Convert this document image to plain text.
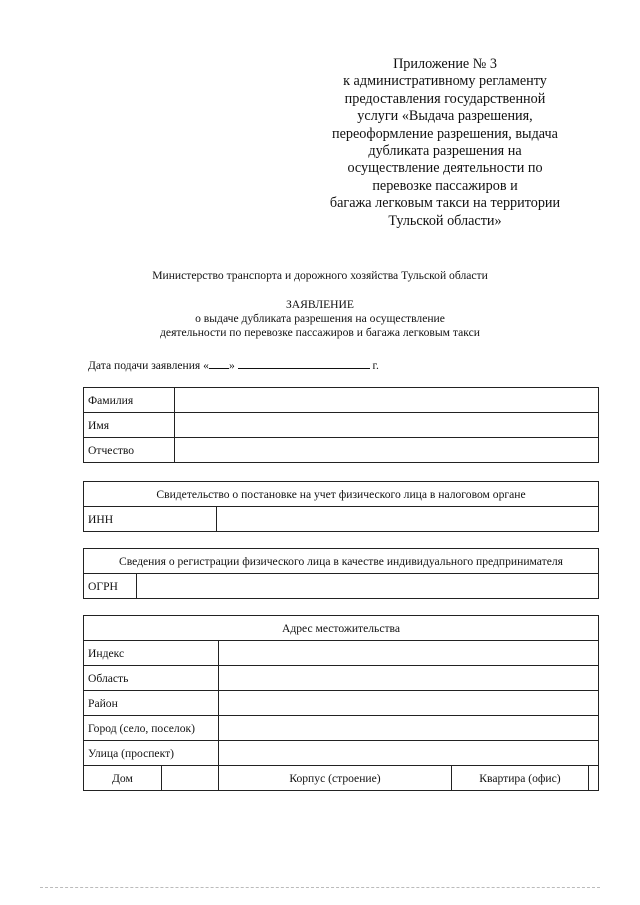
Приложение № 3
к административному регламенту
предоставления государственной
услуги «Выдача разрешения,
переоформление разрешения, выдача
дубликата разрешения на
осуществление деятельности по
перевозке пассажиров и
багажа легковым такси на территории
Тульской области»
Министерство транспорта и дорожного хозяйства Тульской области
ЗАЯВЛЕНИЕ
о выдаче дубликата разрешения на осуществление
деятельности по перевозке пассажиров и багажа легковым такси
Дата подачи заявления « »	г.
Фамилия	
Имя	
Отчество	
Свидетельство о постановке на учет физического лица в налоговом органе
ИНН	
Сведения о регистрации физического лица в качестве индивидуального предпринимателя
ОГРН	
Адрес местожительства				
Индекс				
Область				
Район				
Город (село, поселок)				
Улица (проспект)				
Дом		Корпус (строение)	Квартира (офис)	
